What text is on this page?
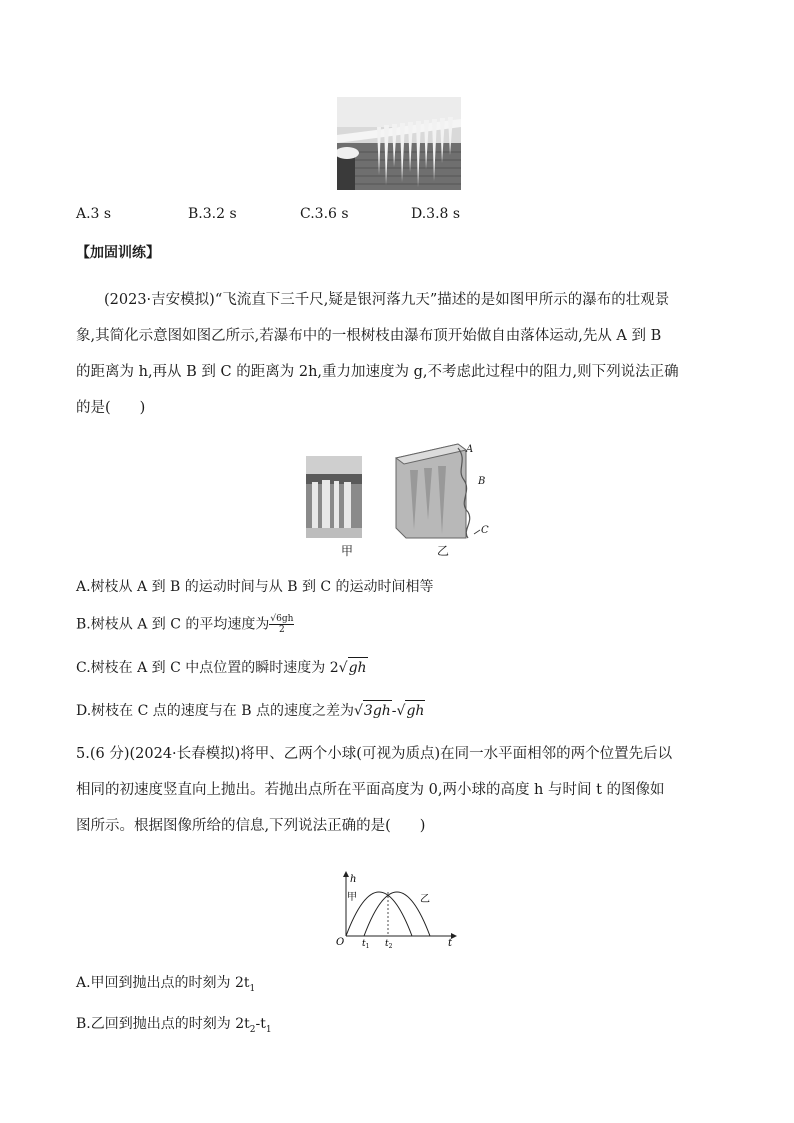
A.3 s	B.3.2 s	C.3.6 s	D.3.8 s
【加固训练】
(2023·吉安模拟)“飞流直下三千尺,疑是银河落九天”描述的是如图甲所示的瀑布的壮观景
象,其简化示意图如图乙所示,若瀑布中的一根树枝由瀑布顶开始做自由落体运动,先从 A 到 B
的距离为 h,再从 B 到 C 的距离为 2h,重力加速度为 g,不考虑此过程中的阻力,则下列说法正确
的是(　　)
甲
A
B
C
乙
A.树枝从 A 到 B 的运动时间与从 B 到 C 的运动时间相等
B.树枝从 A 到 C 的平均速度为 $\frac{√6gh}{2}$
C.树枝在 A 到 C 中点位置的瞬时速度为 2√gh
D.树枝在 C 点的速度与在 B 点的速度之差为√3gh-√gh
5.(6 分)(2024·长春模拟)将甲、乙两个小球(可视为质点)在同一水平面相邻的两个位置先后以
相同的初速度竖直向上抛出。若抛出点所在平面高度为 0,两小球的高度 h 与时间 t 的图像如
图所示。根据图像所给的信息,下列说法正确的是(　　)
h
t
O $t_1$ $t_2$
甲	乙
A.甲回到抛出点的时刻为 $2t_1$
B.乙回到抛出点的时刻为 $2t_2-t_1$
